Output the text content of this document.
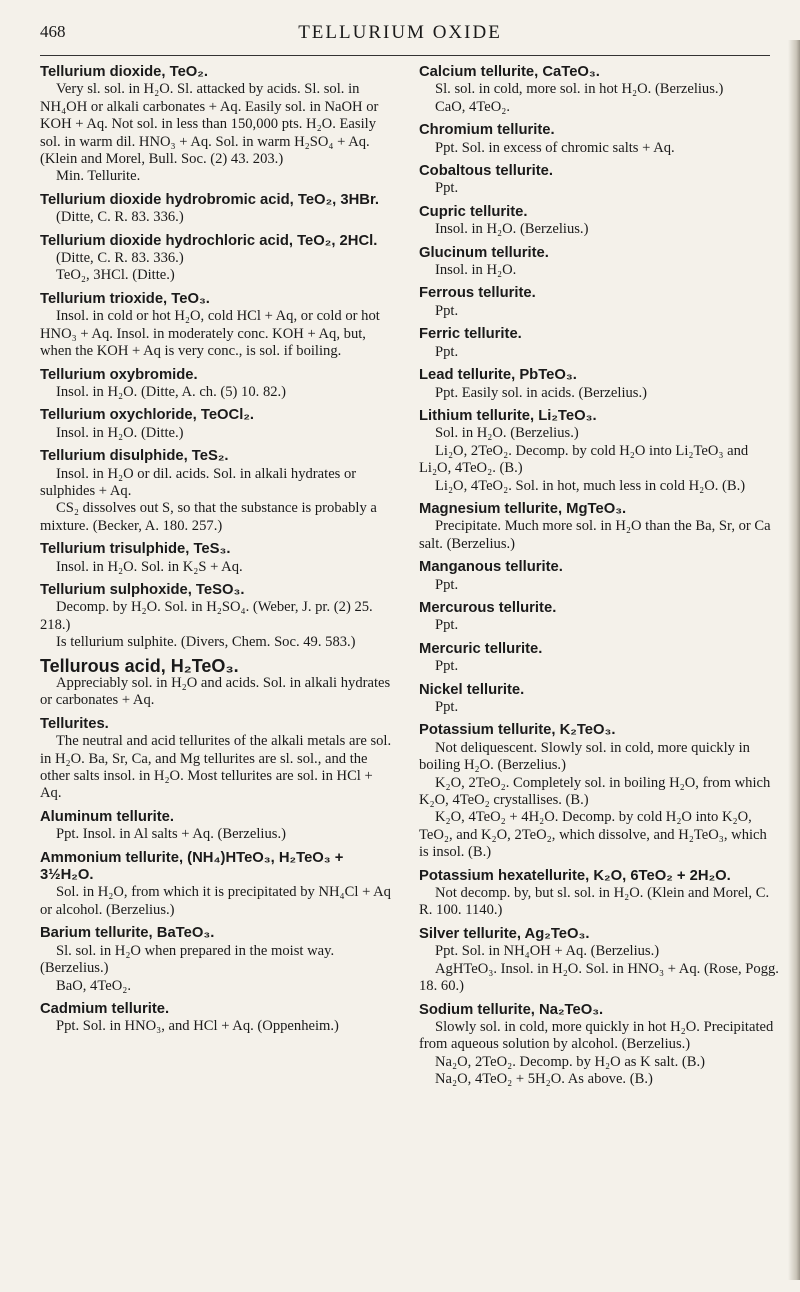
468	TELLURIUM OXIDE
Tellurium dioxide, TeO₂.
Very sl. sol. in H₂O. Sl. attacked by acids. Sl. sol. in NH₄OH or alkali carbonates + Aq. Easily sol. in NaOH or KOH + Aq. Not sol. in less than 150,000 pts. H₂O. Easily sol. in warm dil. HNO₃ + Aq. Sol. in warm H₂SO₄ + Aq. (Klein and Morel, Bull. Soc. (2) 43. 203.)
Min. Tellurite.
Tellurium dioxide hydrobromic acid, TeO₂, 3HBr.
(Ditte, C. R. 83. 336.)
Tellurium dioxide hydrochloric acid, TeO₂, 2HCl.
(Ditte, C. R. 83. 336.)
TeO₂, 3HCl. (Ditte.)
Tellurium trioxide, TeO₃.
Insol. in cold or hot H₂O, cold HCl + Aq, or cold or hot HNO₃ + Aq. Insol. in moderately conc. KOH + Aq, but, when the KOH + Aq is very conc., is sol. if boiling.
Tellurium oxybromide.
Insol. in H₂O. (Ditte, A. ch. (5) 10. 82.)
Tellurium oxychloride, TeOCl₂.
Insol. in H₂O. (Ditte.)
Tellurium disulphide, TeS₂.
Insol. in H₂O or dil. acids. Sol. in alkali hydrates or sulphides + Aq.
CS₂ dissolves out S, so that the substance is probably a mixture. (Becker, A. 180. 257.)
Tellurium trisulphide, TeS₃.
Insol. in H₂O. Sol. in K₂S + Aq.
Tellurium sulphoxide, TeSO₃.
Decomp. by H₂O. Sol. in H₂SO₄. (Weber, J. pr. (2) 25. 218.)
Is tellurium sulphite. (Divers, Chem. Soc. 49. 583.)
Tellurous acid, H₂TeO₃.
Appreciably sol. in H₂O and acids. Sol. in alkali hydrates or carbonates + Aq.
Tellurites.
The neutral and acid tellurites of the alkali metals are sol. in H₂O. Ba, Sr, Ca, and Mg tellurites are sl. sol., and the other salts insol. in H₂O. Most tellurites are sol. in HCl + Aq.
Aluminum tellurite.
Ppt. Insol. in Al salts + Aq. (Berzelius.)
Ammonium tellurite, (NH₄)HTeO₃, H₂TeO₃ + 3½H₂O.
Sol. in H₂O, from which it is precipitated by NH₄Cl + Aq or alcohol. (Berzelius.)
Barium tellurite, BaTeO₃.
Sl. sol. in H₂O when prepared in the moist way. (Berzelius.)
BaO, 4TeO₂.
Cadmium tellurite.
Ppt. Sol. in HNO₃, and HCl + Aq. (Oppenheim.)
Calcium tellurite, CaTeO₃.
Sl. sol. in cold, more sol. in hot H₂O. (Berzelius.)
CaO, 4TeO₂.
Chromium tellurite.
Ppt. Sol. in excess of chromic salts + Aq.
Cobaltous tellurite.
Ppt.
Cupric tellurite.
Insol. in H₂O. (Berzelius.)
Glucinum tellurite.
Insol. in H₂O.
Ferrous tellurite.
Ppt.
Ferric tellurite.
Ppt.
Lead tellurite, PbTeO₃.
Ppt. Easily sol. in acids. (Berzelius.)
Lithium tellurite, Li₂TeO₃.
Sol. in H₂O. (Berzelius.)
Li₂O, 2TeO₂. Decomp. by cold H₂O into Li₂TeO₃ and Li₂O, 4TeO₂. (B.)
Li₂O, 4TeO₂. Sol. in hot, much less in cold H₂O. (B.)
Magnesium tellurite, MgTeO₃.
Precipitate. Much more sol. in H₂O than the Ba, Sr, or Ca salt. (Berzelius.)
Manganous tellurite.
Ppt.
Mercurous tellurite.
Ppt.
Mercuric tellurite.
Ppt.
Nickel tellurite.
Ppt.
Potassium tellurite, K₂TeO₃.
Not deliquescent. Slowly sol. in cold, more quickly in boiling H₂O. (Berzelius.)
K₂O, 2TeO₂. Completely sol. in boiling H₂O, from which K₂O, 4TeO₂ crystallises. (B.)
K₂O, 4TeO₂ + 4H₂O. Decomp. by cold H₂O into K₂O, TeO₂, and K₂O, 2TeO₂, which dissolve, and H₂TeO₃, which is insol. (B.)
Potassium hexatellurite, K₂O, 6TeO₂ + 2H₂O.
Not decomp. by, but sl. sol. in H₂O. (Klein and Morel, C. R. 100. 1140.)
Silver tellurite, Ag₂TeO₃.
Ppt. Sol. in NH₄OH + Aq. (Berzelius.)
AgHTeO₃. Insol. in H₂O. Sol. in HNO₃ + Aq. (Rose, Pogg. 18. 60.)
Sodium tellurite, Na₂TeO₃.
Slowly sol. in cold, more quickly in hot H₂O. Precipitated from aqueous solution by alcohol. (Berzelius.)
Na₂O, 2TeO₂. Decomp. by H₂O as K salt. (B.)
Na₂O, 4TeO₂ + 5H₂O. As above. (B.)
